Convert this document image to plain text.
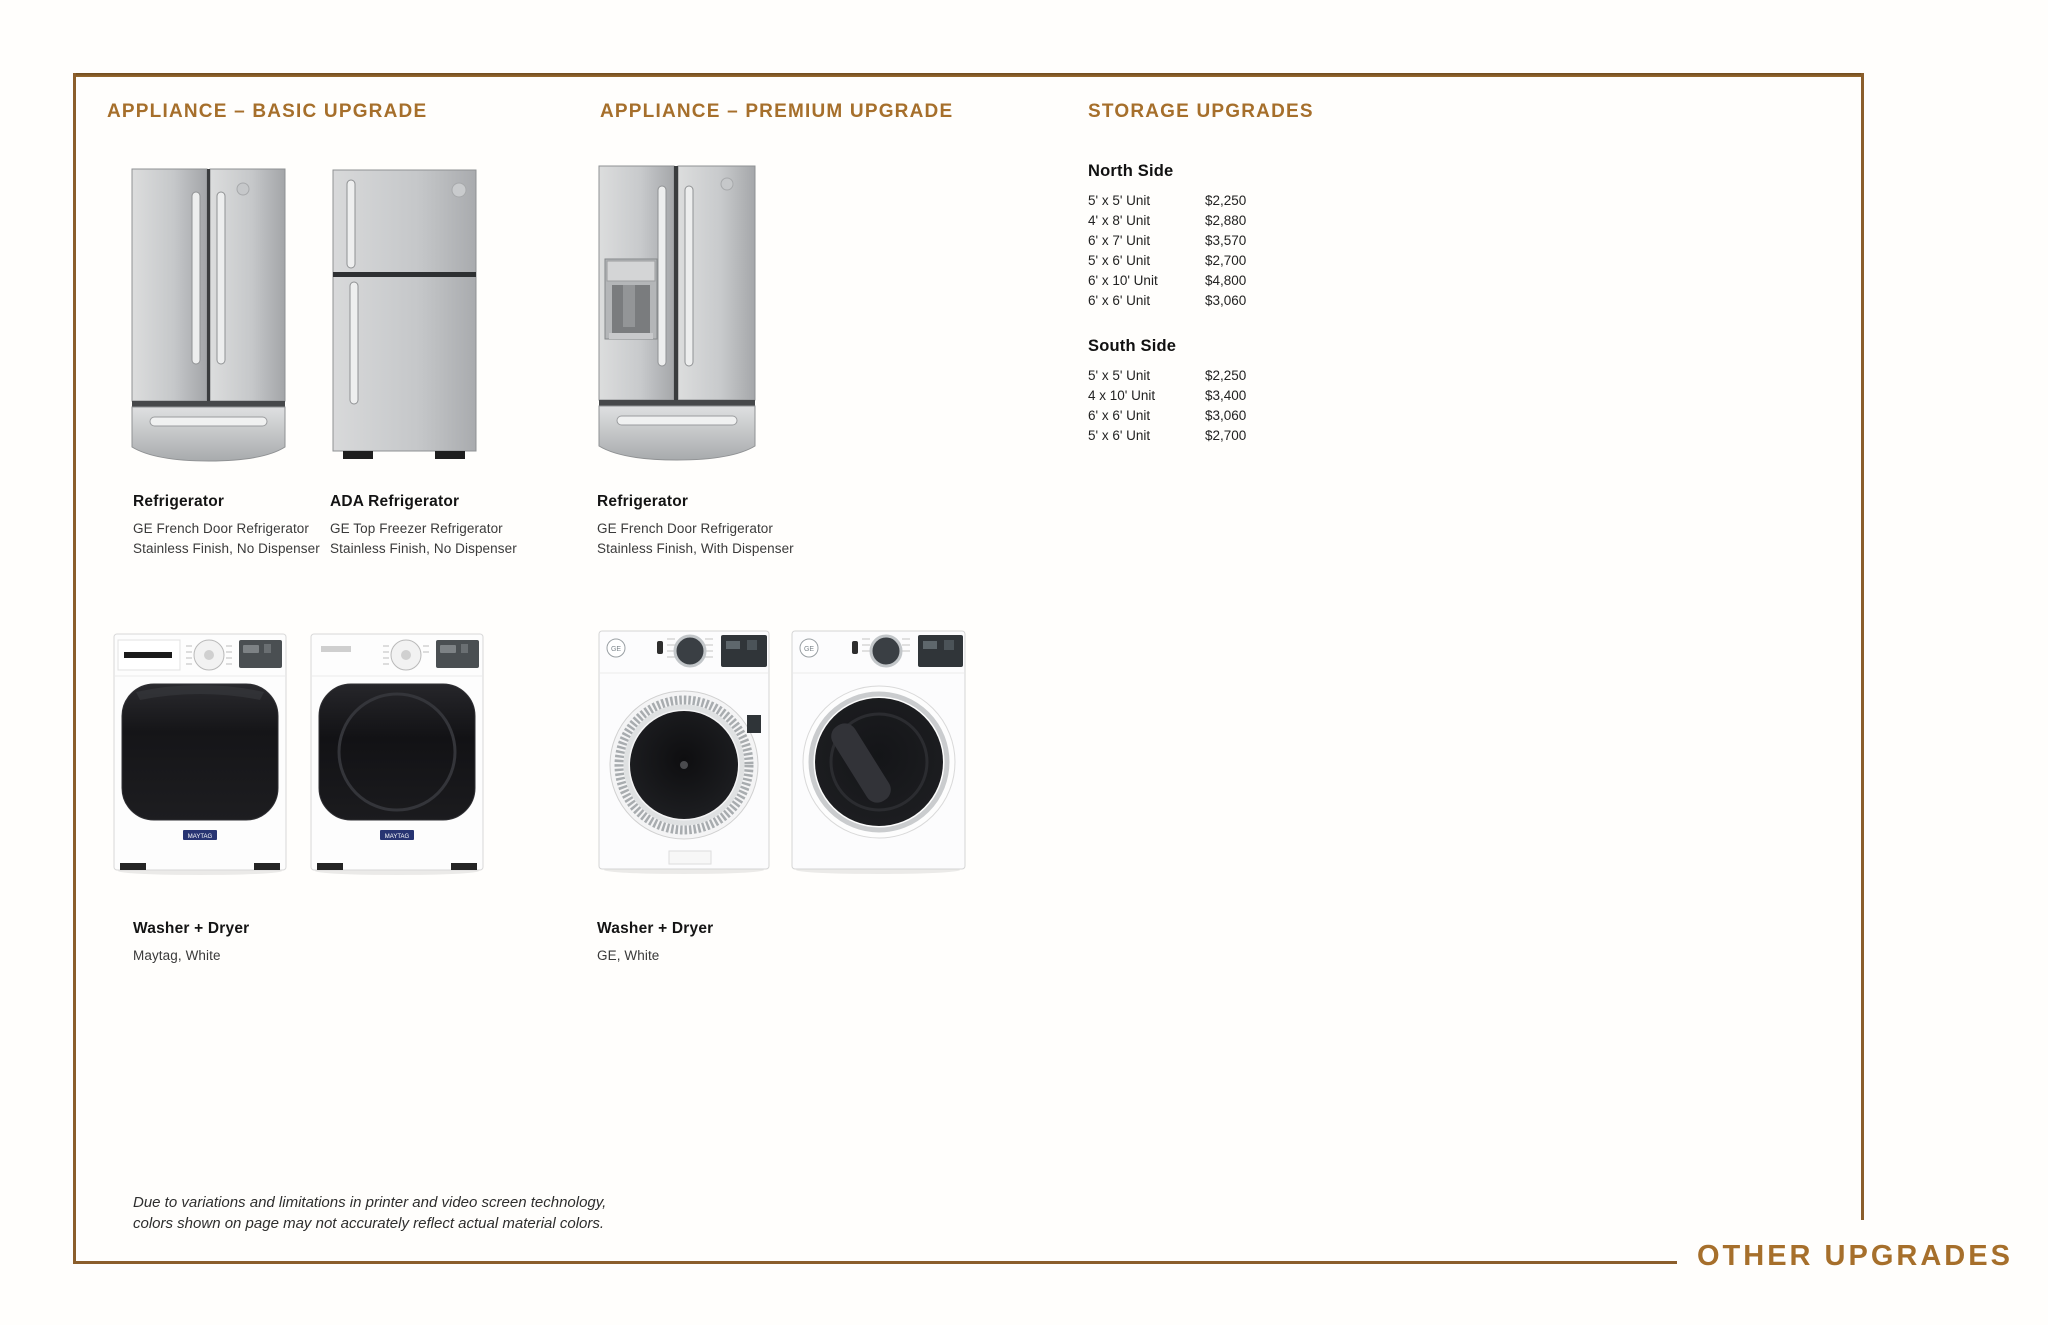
APPLIANCE – BASIC UPGRADE	APPLIANCE – PREMIUM UPGRADE	STORAGE UPGRADES
Refrigerator
GE French Door Refrigerator
Stainless Finish, No Dispenser
ADA Refrigerator
GE Top Freezer Refrigerator
Stainless Finish, No Dispenser
Refrigerator
GE French Door Refrigerator
Stainless Finish, With Dispenser
MAYTAG	MAYTAG
GE	GE
Washer + Dryer
Maytag, White
Washer + Dryer
GE, White
North Side
5' x 5' Unit	$2,250
4' x 8' Unit	$2,880
6' x 7' Unit	$3,570
5' x 6' Unit	$2,700
6' x 10' Unit	$4,800
6' x 6' Unit	$3,060
South Side
5' x 5' Unit	$2,250
4 x 10' Unit	$3,400
6' x 6' Unit	$3,060
5' x 6' Unit	$2,700
Due to variations and limitations in printer and video screen technology,
colors shown on page may not accurately reflect actual material colors.
OTHER UPGRADES
